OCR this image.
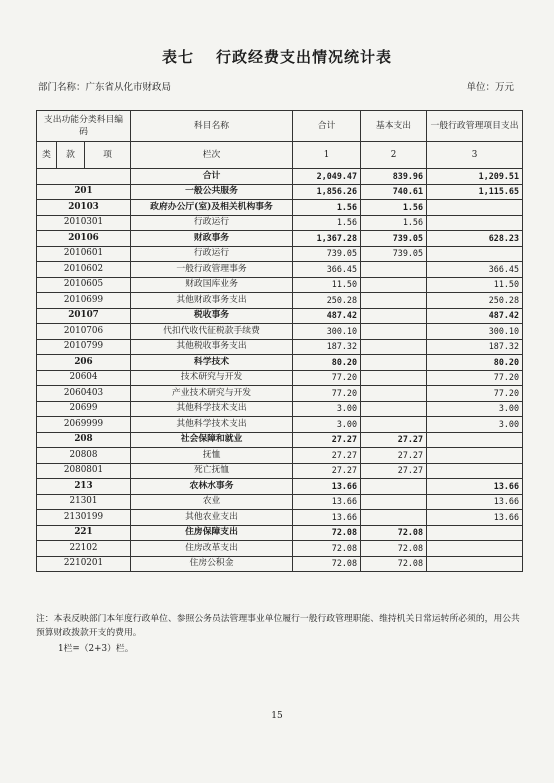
表七 行政经费支出情况统计表
部门名称：广东省从化市财政局	单位：万元
支出功能分类科目编码			科目名称	合计	基本支出	一般行政管理项目支出
类	款	项				
			栏次	1	2	3
			合计	2,049.47	839.96	1,209.51
201			一般公共服务	1,856.26	740.61	1,115.65
20103			政府办公厅(室)及相关机构事务	1.56	1.56	
2010301			行政运行	1.56	1.56	
20106			财政事务	1,367.28	739.05	628.23
2010601			行政运行	739.05	739.05	
2010602			一般行政管理事务	366.45		366.45
2010605			财政国库业务	11.50		11.50
2010699			其他财政事务支出	250.28		250.28
20107			税收事务	487.42		487.42
2010706			代扣代收代征税款手续费	300.10		300.10
2010799			其他税收事务支出	187.32		187.32
206			科学技术	80.20		80.20
20604			技术研究与开发	77.20		77.20
2060403			产业技术研究与开发	77.20		77.20
20699			其他科学技术支出	3.00		3.00
2069999			其他科学技术支出	3.00		3.00
208			社会保障和就业	27.27	27.27	
20808			抚恤	27.27	27.27	
2080801			死亡抚恤	27.27	27.27	
213			农林水事务	13.66		13.66
21301			农业	13.66		13.66
2130199			其他农业支出	13.66		13.66
221			住房保障支出	72.08	72.08	
22102			住房改革支出	72.08	72.08	
2210201			住房公积金	72.08	72.08	
注：本表反映部门本年度行政单位、参照公务员法管理事业单位履行一般行政管理职能、维持机关日常运转所必须的，用公共预算财政拨款开支的费用。
1栏=（2+3）栏。
15
